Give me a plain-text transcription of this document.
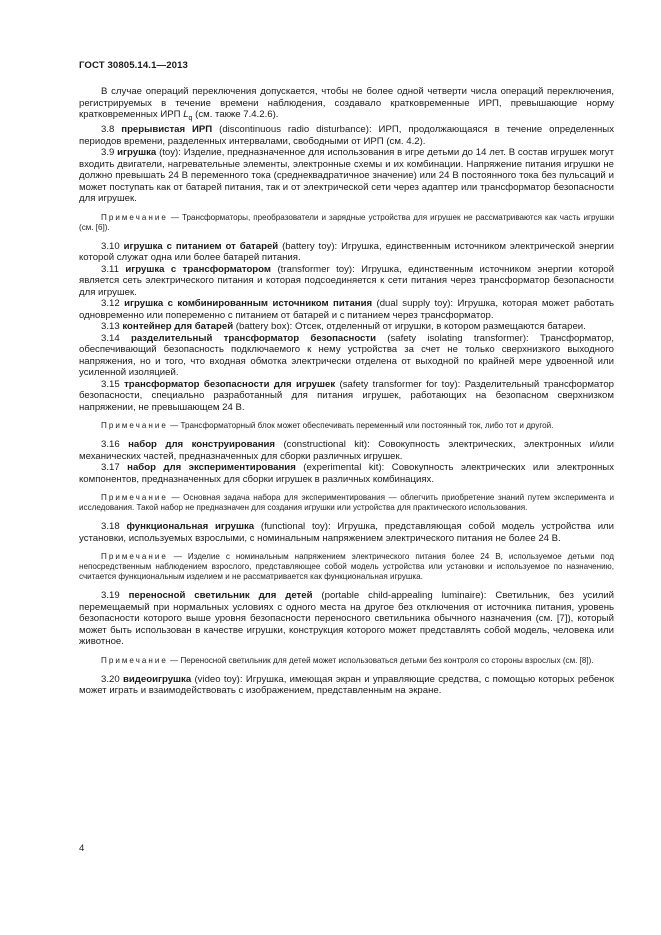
ГОСТ 30805.14.1—2013

В случае операций переключения допускается, чтобы не более одной четверти числа операций переключения, регистрируемых в течение времени наблюдения, создавало кратковременные ИРП, превышающие норму кратковременных ИРП $L_q$ (см. также 7.4.2.6).

3.8 прерывистая ИРП (discontinuous radio disturbance): ИРП, продолжающаяся в течение определенных периодов времени, разделенных интервалами, свободными от ИРП (см. 4.2).

3.9 игрушка (toy): Изделие, предназначенное для использования в игре детьми до 14 лет. В состав игрушек могут входить двигатели, нагревательные элементы, электронные схемы и их комбинации. Напряжение питания игрушки не должно превышать 24 В переменного тока (среднеквадратичное значение) или 24 В постоянного тока без пульсаций и может поступать как от батарей питания, так и от электрической сети через адаптер или трансформатор безопасности для игрушек.

Примечание — Трансформаторы, преобразователи и зарядные устройства для игрушек не рассматриваются как часть игрушки (см. [6]).

3.10 игрушка с питанием от батарей (battery toy): Игрушка, единственным источником электрической энергии которой служат одна или более батарей питания.

3.11 игрушка с трансформатором (transformer toy): Игрушка, единственным источником энергии которой является сеть электрического питания и которая подсоединяется к сети питания через трансформатор безопасности для игрушек.

3.12 игрушка с комбинированным источником питания (dual supply toy): Игрушка, которая может работать одновременно или попеременно с питанием от батарей и с питанием через трансформатор.

3.13 контейнер для батарей (battery box): Отсек, отделенный от игрушки, в котором размещаются батареи.

3.14 разделительный трансформатор безопасности (safety isolating transformer): Трансформатор, обеспечивающий безопасность подключаемого к нему устройства за счет не только сверхнизкого выходного напряжения, но и того, что входная обмотка электрически отделена от выходной по крайней мере удвоенной или усиленной изоляцией.

3.15 трансформатор безопасности для игрушек (safety transformer for toy): Разделительный трансформатор безопасности, специально разработанный для питания игрушек, работающих на безопасном сверхнизком напряжении, не превышающем 24 В.

Примечание — Трансформаторный блок может обеспечивать переменный или постоянный ток, либо тот и другой.

3.16 набор для конструирования (constructional kit): Совокупность электрических, электронных и/или механических частей, предназначенных для сборки различных игрушек.

3.17 набор для экспериментирования (experimental kit): Совокупность электрических или электронных компонентов, предназначенных для сборки игрушек в различных комбинациях.

Примечание — Основная задача набора для экспериментирования — облегчить приобретение знаний путем эксперимента и исследования. Такой набор не предназначен для создания игрушки или устройства для практического использования.

3.18 функциональная игрушка (functional toy): Игрушка, представляющая собой модель устройства или установки, используемых взрослыми, с номинальным напряжением электрического питания не более 24 В.

Примечание — Изделие с номинальным напряжением электрического питания более 24 В, используемое детьми под непосредственным наблюдением взрослого, представляющее собой модель устройства или установки и используемое по назначению, считается функциональным изделием и не рассматривается как функциональная игрушка.

3.19 переносной светильник для детей (portable child-appealing luminaire): Светильник, без усилий перемещаемый при нормальных условиях с одного места на другое без отключения от источника питания, уровень безопасности которого выше уровня безопасности переносного светильника обычного назначения (см. [7]), который может быть использован в качестве игрушки, конструкция которого может представлять собой модель, человека или животное.

Примечание — Переносной светильник для детей может использоваться детьми без контроля со стороны взрослых (см. [8]).

3.20 видеоигрушка (video toy): Игрушка, имеющая экран и управляющие средства, с помощью которых ребенок может играть и взаимодействовать с изображением, представленным на экране.

4
